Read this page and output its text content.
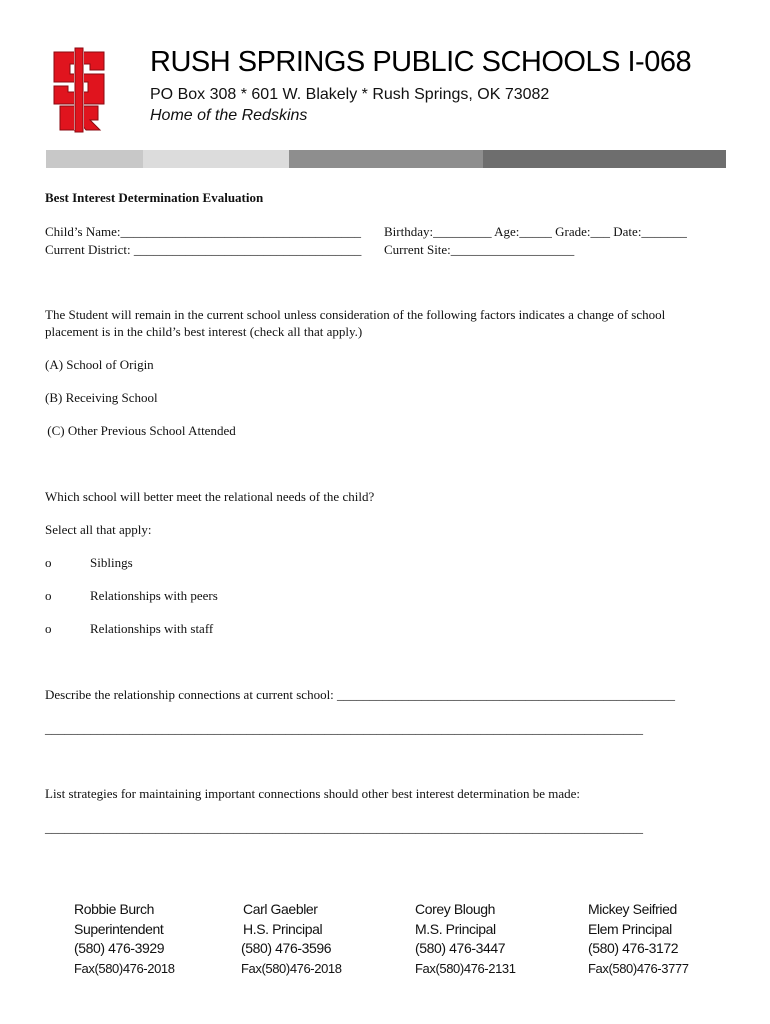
RUSH SPRINGS PUBLIC SCHOOLS I-068
PO Box 308 * 601 W. Blakely * Rush Springs, OK 73082
Home of the Redskins
Best Interest Determination Evaluation
Child’s Name:_____________________________________ Birthday:_________ Age:_____ Grade:___ Date:_______
Current District: ___________________________________ Current Site:___________________
The Student will remain in the current school unless consideration of the following factors indicates a change of school
placement is in the child’s best interest (check all that apply.)
(A) School of Origin
(B) Receiving School
(C) Other Previous School Attended
Which school will better meet the relational needs of the child?
Select all that apply:
o	Siblings
o	Relationships with peers
o	Relationships with staff
Describe the relationship connections at current school: ____________________________________________________
____________________________________________________________________________________________
List strategies for maintaining important connections should other best interest determination be made:
____________________________________________________________________________________________
Robbie Burch
Superintendent
(580) 476-3929
Fax(580)476-2018
Carl Gaebler
H.S. Principal
(580) 476-3596
Fax(580)476-2018
Corey Blough
M.S. Principal
(580) 476-3447
Fax(580)476-2131
Mickey Seifried
Elem Principal
(580) 476-3172
Fax(580)476-3777
